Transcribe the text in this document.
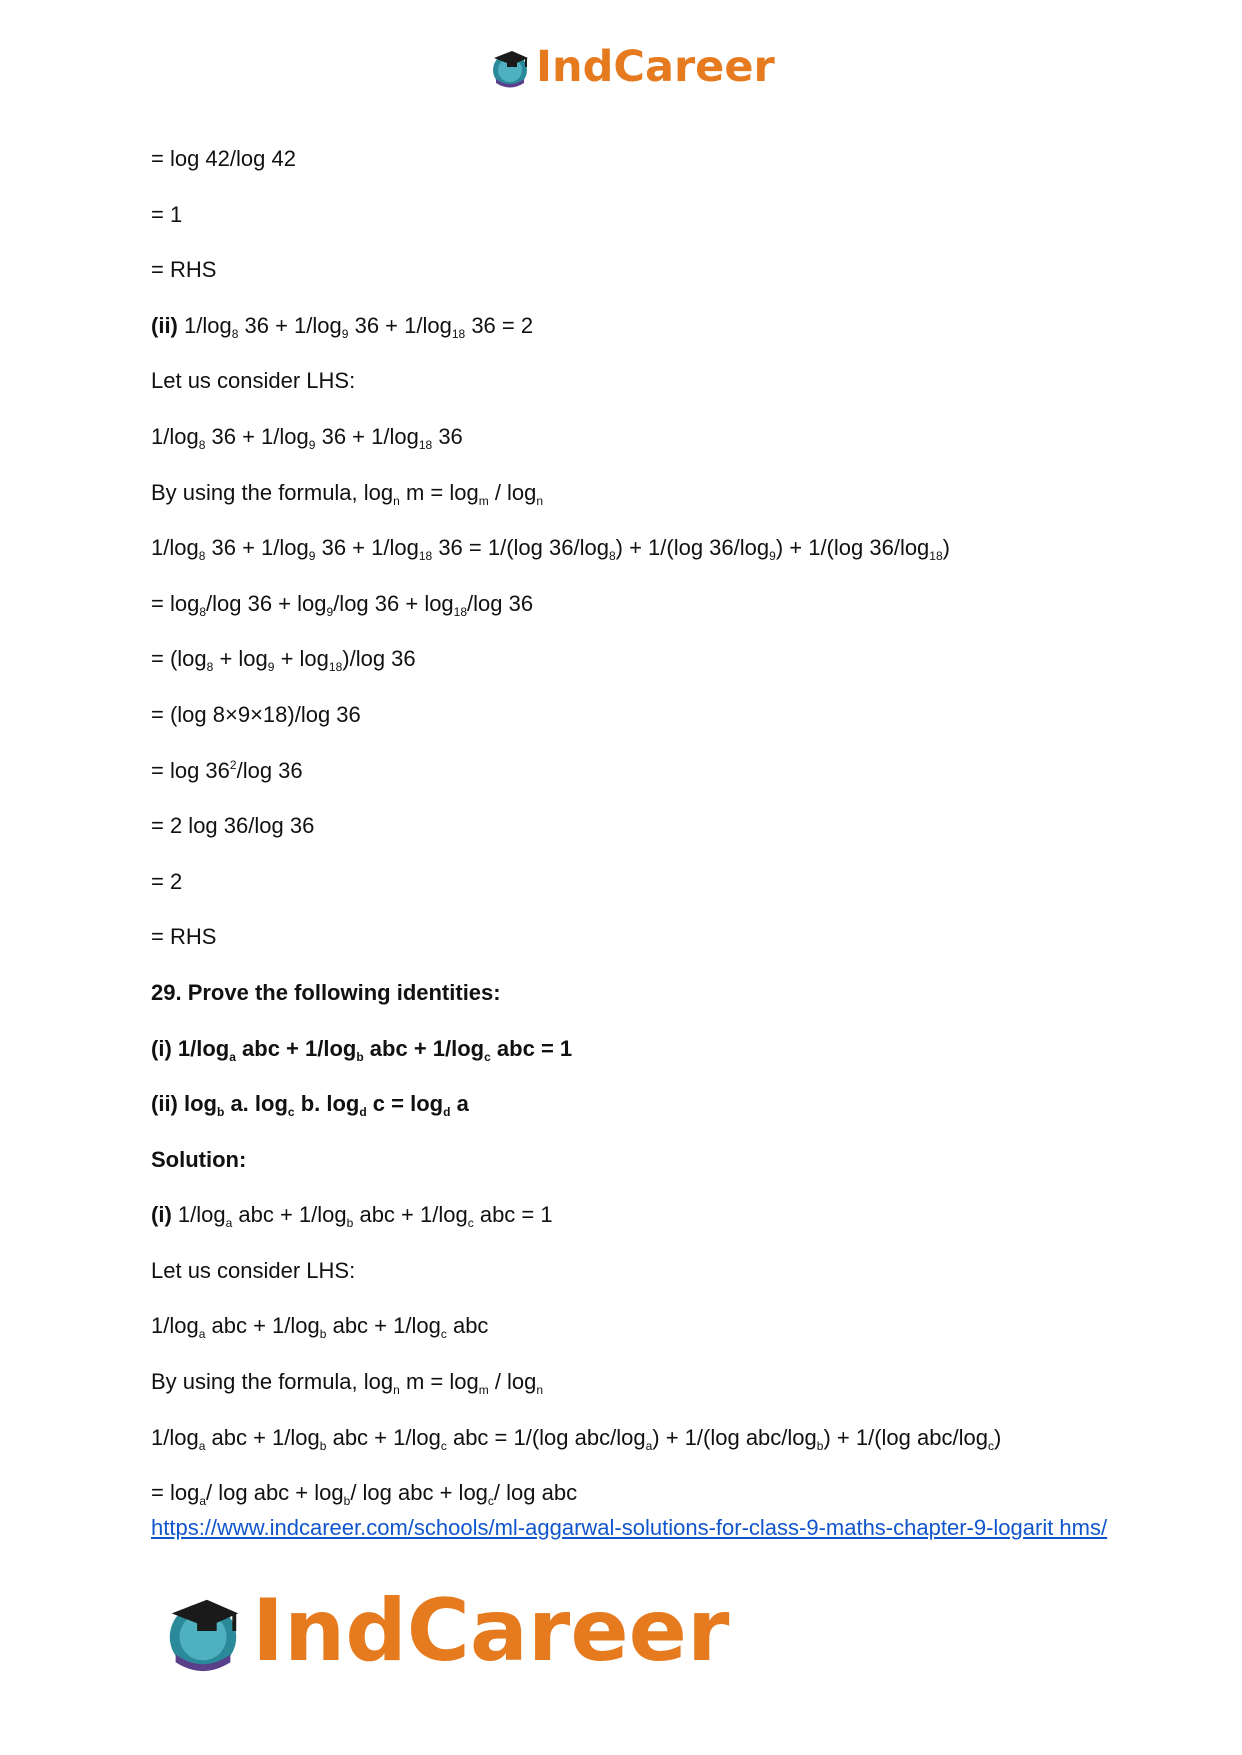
IndCareer
= log 42/log 42
= 1
= RHS
(ii) $1/\log_8$ $36 + 1/\log_9$ $36 + 1/\log_{18}$ 36 = 2
Let us consider LHS:
$1/\log_8$ $36 + 1/\log_9$ $36 + 1/\log_{18}$ 36
By using the formula, $\log_n m = \log_m / \log_n$
$1/\log_8$ $36 + 1/\log_9$ $36 + 1/\log_{18}$ 36 = 1/(log $36/\log_8) + 1/(\log$ $36/\log_9) + 1/(\log$ $36/\log_{18}$)
= $\log_8/\log$ $36 + \log_9/\log$ $36 + \log_{18}/\log$ 36
= $(\log_8 + \log_9 + \log_{18})/\log$ 36
= (log 8×9×18)/log 36
= $\log 36^2/\log$ 36
= 2 log 36/log 36
= 2
= RHS
29. Prove the following identities:
(i) $1/\log_a$ abc + $1/\log_b$ abc + $1/\log_c$ abc = 1
(ii) $\log_b a$. $\log_c b$. $\log_d c = \log_d a$
Solution:
(i) $1/\log_a$ abc + $1/\log_b$ abc + $1/\log_c$ abc = 1
Let us consider LHS:
$1/\log_a$ abc + $1/\log_b$ abc + $1/\log_c$ abc
By using the formula, $\log_n m = \log_m / \log_n$
$1/\log_a$ abc + $1/\log_b$ abc + $1/\log_c$ abc = 1/(log abc/$\log_a) + 1/(\log$ abc/$\log_b) + 1/(\log$ abc/$\log_c$)
= $\log_a/$ log abc + $\log_b/$ log abc + $\log_c/$ log abc
https://www.indcareer.com/schools/ml-aggarwal-solutions-for-class-9-maths-chapter-9-logarit hms/
IndCareer
